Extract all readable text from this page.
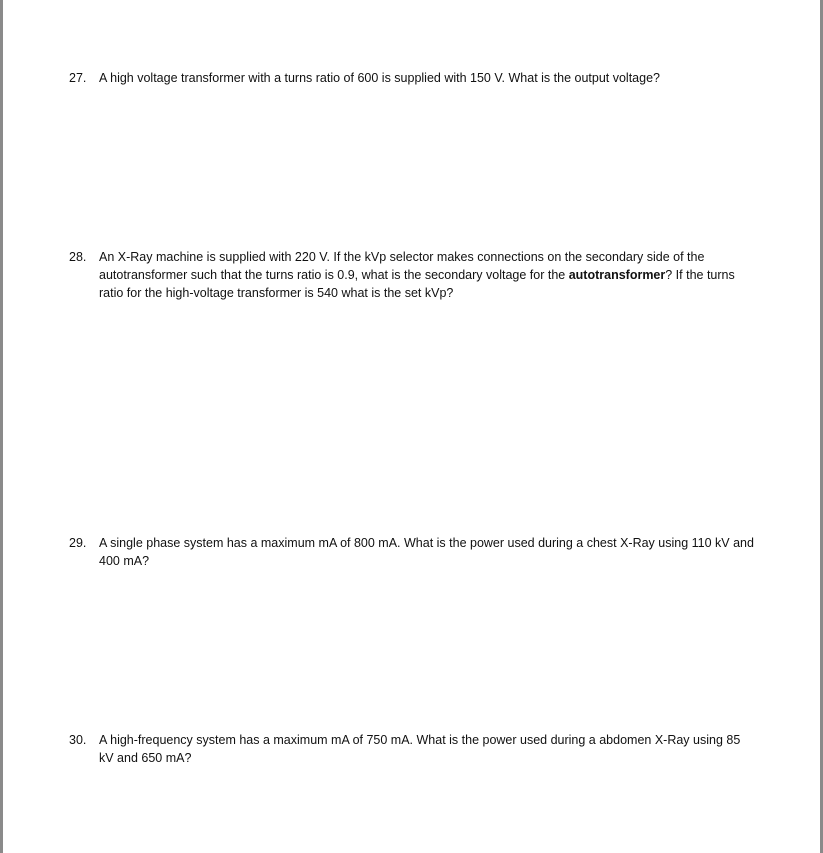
27. A high voltage transformer with a turns ratio of 600 is supplied with 150 V. What is the output voltage?

28. An X-Ray machine is supplied with 220 V. If the kVp selector makes connections on the secondary side of the autotransformer such that the turns ratio is 0.9, what is the secondary voltage for the autotransformer? If the turns ratio for the high-voltage transformer is 540 what is the set kVp?

29. A single phase system has a maximum mA of 800 mA. What is the power used during a chest X-Ray using 110 kV and 400 mA?

30. A high-frequency system has a maximum mA of 750 mA. What is the power used during a abdomen X-Ray using 85 kV and 650 mA?
